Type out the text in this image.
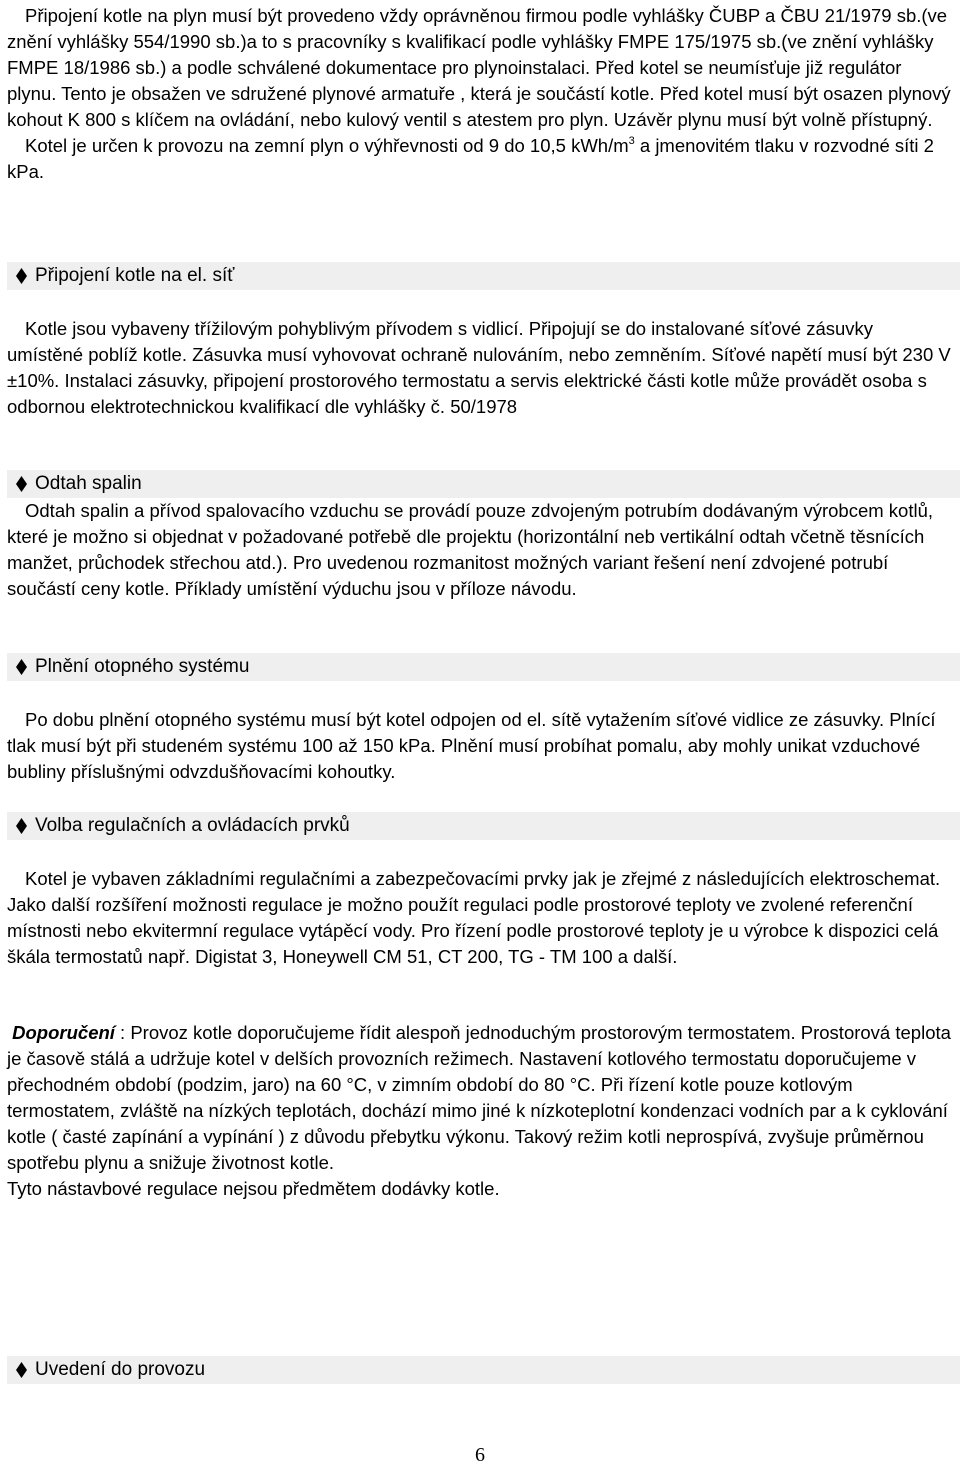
Připojení kotle na plyn musí být provedeno vždy oprávněnou firmou podle vyhlášky ČUBP a ČBU 21/1979 sb.(ve znění vyhlášky 554/1990 sb.)a to s pracovníky s kvalifikací podle vyhlášky FMPE 175/1975 sb.(ve znění vyhlášky FMPE 18/1986 sb.) a podle schválené dokumentace pro plynoinstalaci. Před kotel se neumísťuje již regulátor plynu. Tento je obsažen ve sdružené plynové armatuře , která je součástí kotle. Před kotel musí být osazen plynový kohout K 800 s klíčem na ovládání, nebo kulový ventil s atestem pro plyn. Uzávěr plynu musí být volně přístupný.

Kotel je určen k provozu na zemní plyn o výhřevnosti od 9 do 10,5 kWh/$m^3$ a jmenovitém tlaku v rozvodné síti 2 kPa.

Připojení kotle na el. síť

Kotle jsou vybaveny třížilovým pohyblivým přívodem s vidlicí. Připojují se do instalované síťové zásuvky umístěné poblíž kotle. Zásuvka musí vyhovovat ochraně nulováním, nebo zemněním. Síťové napětí musí být 230 V ±10%. Instalaci zásuvky, připojení prostorového termostatu a servis elektrické části kotle může provádět osoba s odbornou elektrotechnickou kvalifikací dle vyhlášky č. 50/1978

Odtah spalin

Odtah spalin a přívod spalovacího vzduchu se provádí pouze zdvojeným potrubím dodávaným výrobcem kotlů, které je možno si objednat v požadované potřebě dle projektu (horizontální neb vertikální odtah včetně těsnících manžet, průchodek střechou atd.). Pro uvedenou rozmanitost možných variant řešení není zdvojené potrubí součástí ceny kotle. Příklady umístění výduchu jsou v příloze návodu.

Plnění otopného systému

Po dobu plnění otopného systému musí být kotel odpojen od el. sítě vytažením síťové vidlice ze zásuvky. Plnící tlak musí být při studeném systému 100 až 150 kPa. Plnění musí probíhat pomalu, aby mohly unikat vzduchové bubliny příslušnými odvzdušňovacími kohoutky.

Volba regulačních a ovládacích prvků

Kotel je vybaven základními regulačními a zabezpečovacími prvky jak je zřejmé z následujících elektroschemat. Jako další rozšíření možnosti regulace je možno použít regulaci podle prostorové teploty ve zvolené referenční místnosti nebo ekvitermní regulace vytápěcí vody. Pro řízení podle prostorové teploty je u výrobce k dispozici celá škála termostatů např. Digistat 3, Honeywell CM 51, CT 200, TG - TM 100 a další.

Doporučení : Provoz kotle doporučujeme řídit alespoň jednoduchým prostorovým termostatem. Prostorová teplota je časově stálá a udržuje kotel v delších provozních režimech. Nastavení kotlového termostatu doporučujeme v přechodném období (podzim, jaro) na 60 °C, v zimním období do 80 °C. Při řízení kotle pouze kotlovým termostatem, zvláště na nízkých teplotách, dochází mimo jiné k nízkoteplotní kondenzaci vodních par a k cyklování kotle ( časté zapínání a vypínání ) z důvodu přebytku výkonu. Takový režim kotli neprospívá, zvyšuje průměrnou spotřebu plynu a snižuje životnost kotle.

Tyto nástavbové regulace nejsou předmětem dodávky kotle.

Uvedení do provozu
6
